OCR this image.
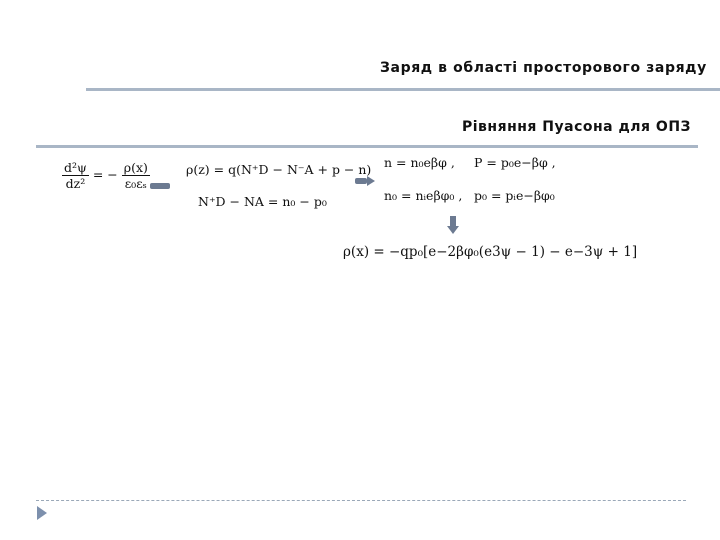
Заряд в області просторового заряду
Рівняння Пуасона для ОПЗ
$\frac{\text{d²ψ}}{\text{dz²}}$ = − $\frac{\rho(x)}{\text{ε₀εₛ}}$	ρ(z) = q(N⁺D − N⁻A + p − n)
N⁺D − NA = n₀ − p₀
n = n₀eβφ , P = p₀e−βφ ,
n₀ = nᵢeβφ₀ , p₀ = pᵢe−βφ₀
ρ(x) = −qp₀[e−2βφ₀(e3ψ − 1) − e−3ψ + 1]
